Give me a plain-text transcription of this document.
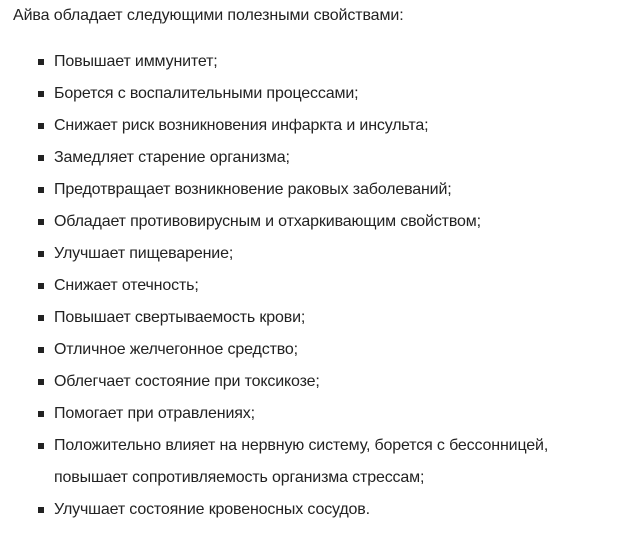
Айва обладает следующими полезными свойствами:

Повышает иммунитет;
Борется с воспалительными процессами;
Снижает риск возникновения инфаркта и инсульта;
Замедляет старение организма;
Предотвращает возникновение раковых заболеваний;
Обладает противовирусным и отхаркивающим свойством;
Улучшает пищеварение;
Снижает отечность;
Повышает свертываемость крови;
Отличное желчегонное средство;
Облегчает состояние при токсикозе;
Помогает при отравлениях;
Положительно влияет на нервную систему, борется с бессонницей, повышает сопротивляемость организма стрессам;
Улучшает состояние кровеносных сосудов.
